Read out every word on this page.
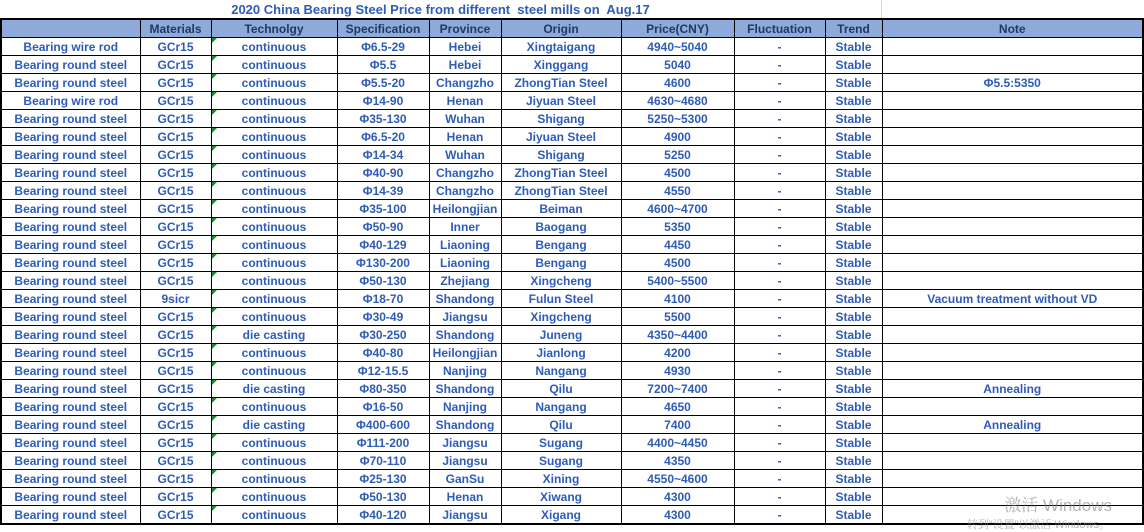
2020 China Bearing Steel Price from different  steel mills on  Aug.17
	Materials	Technolgy	Specification	Province	Origin	Price(CNY)	Fluctuation	Trend	Note
Bearing wire rod	GCr15	continuous	Φ6.5-29	Hebei	Xingtaigang	4940~5040	-	Stable	
Bearing round steel	GCr15	continuous	Φ5.5	Hebei	Xinggang	5040	-	Stable	
Bearing round steel	GCr15	continuous	Φ5.5-20	Changzho	ZhongTian Steel	4600	-	Stable	Φ5.5:5350
Bearing wire rod	GCr15	continuous	Φ14-90	Henan	Jiyuan Steel	4630~4680	-	Stable	
Bearing round steel	GCr15	continuous	Φ35-130	Wuhan	Shigang	5250~5300	-	Stable	
Bearing round steel	GCr15	continuous	Φ6.5-20	Henan	Jiyuan Steel	4900	-	Stable	
Bearing round steel	GCr15	continuous	Φ14-34	Wuhan	Shigang	5250	-	Stable	
Bearing round steel	GCr15	continuous	Φ40-90	Changzho	ZhongTian Steel	4500	-	Stable	
Bearing round steel	GCr15	continuous	Φ14-39	Changzho	ZhongTian Steel	4550	-	Stable	
Bearing round steel	GCr15	continuous	Φ35-100	Heilongjian	Beiman	4600~4700	-	Stable	
Bearing round steel	GCr15	continuous	Φ50-90	Inner	Baogang	5350	-	Stable	
Bearing round steel	GCr15	continuous	Φ40-129	Liaoning	Bengang	4450	-	Stable	
Bearing round steel	GCr15	continuous	Φ130-200	Liaoning	Bengang	4500	-	Stable	
Bearing round steel	GCr15	continuous	Φ50-130	Zhejiang	Xingcheng	5400~5500	-	Stable	
Bearing round steel	9sicr	continuous	Φ18-70	Shandong	Fulun Steel	4100	-	Stable	Vacuum treatment without VD
Bearing round steel	GCr15	continuous	Φ30-49	Jiangsu	Xingcheng	5500	-	Stable	
Bearing round steel	GCr15	die casting	Φ30-250	Shandong	Juneng	4350~4400	-	Stable	
Bearing round steel	GCr15	continuous	Φ40-80	Heilongjian	Jianlong	4200	-	Stable	
Bearing round steel	GCr15	continuous	Φ12-15.5	Nanjing	Nangang	4930	-	Stable	
Bearing round steel	GCr15	die casting	Φ80-350	Shandong	Qilu	7200~7400	-	Stable	Annealing
Bearing round steel	GCr15	continuous	Φ16-50	Nanjing	Nangang	4650	-	Stable	
Bearing round steel	GCr15	die casting	Φ400-600	Shandong	Qilu	7400	-	Stable	Annealing
Bearing round steel	GCr15	continuous	Φ111-200	Jiangsu	Sugang	4400~4450	-	Stable	
Bearing round steel	GCr15	continuous	Φ70-110	Jiangsu	Sugang	4350	-	Stable	
Bearing round steel	GCr15	continuous	Φ25-130	GanSu	Xining	4550~4600	-	Stable	
Bearing round steel	GCr15	continuous	Φ50-130	Henan	Xiwang	4300	-	Stable	
Bearing round steel	GCr15	continuous	Φ40-120	Jiangsu	Xigang	4300	-	Stable		激活 Windows
转到“设置”以激活 Windows。
